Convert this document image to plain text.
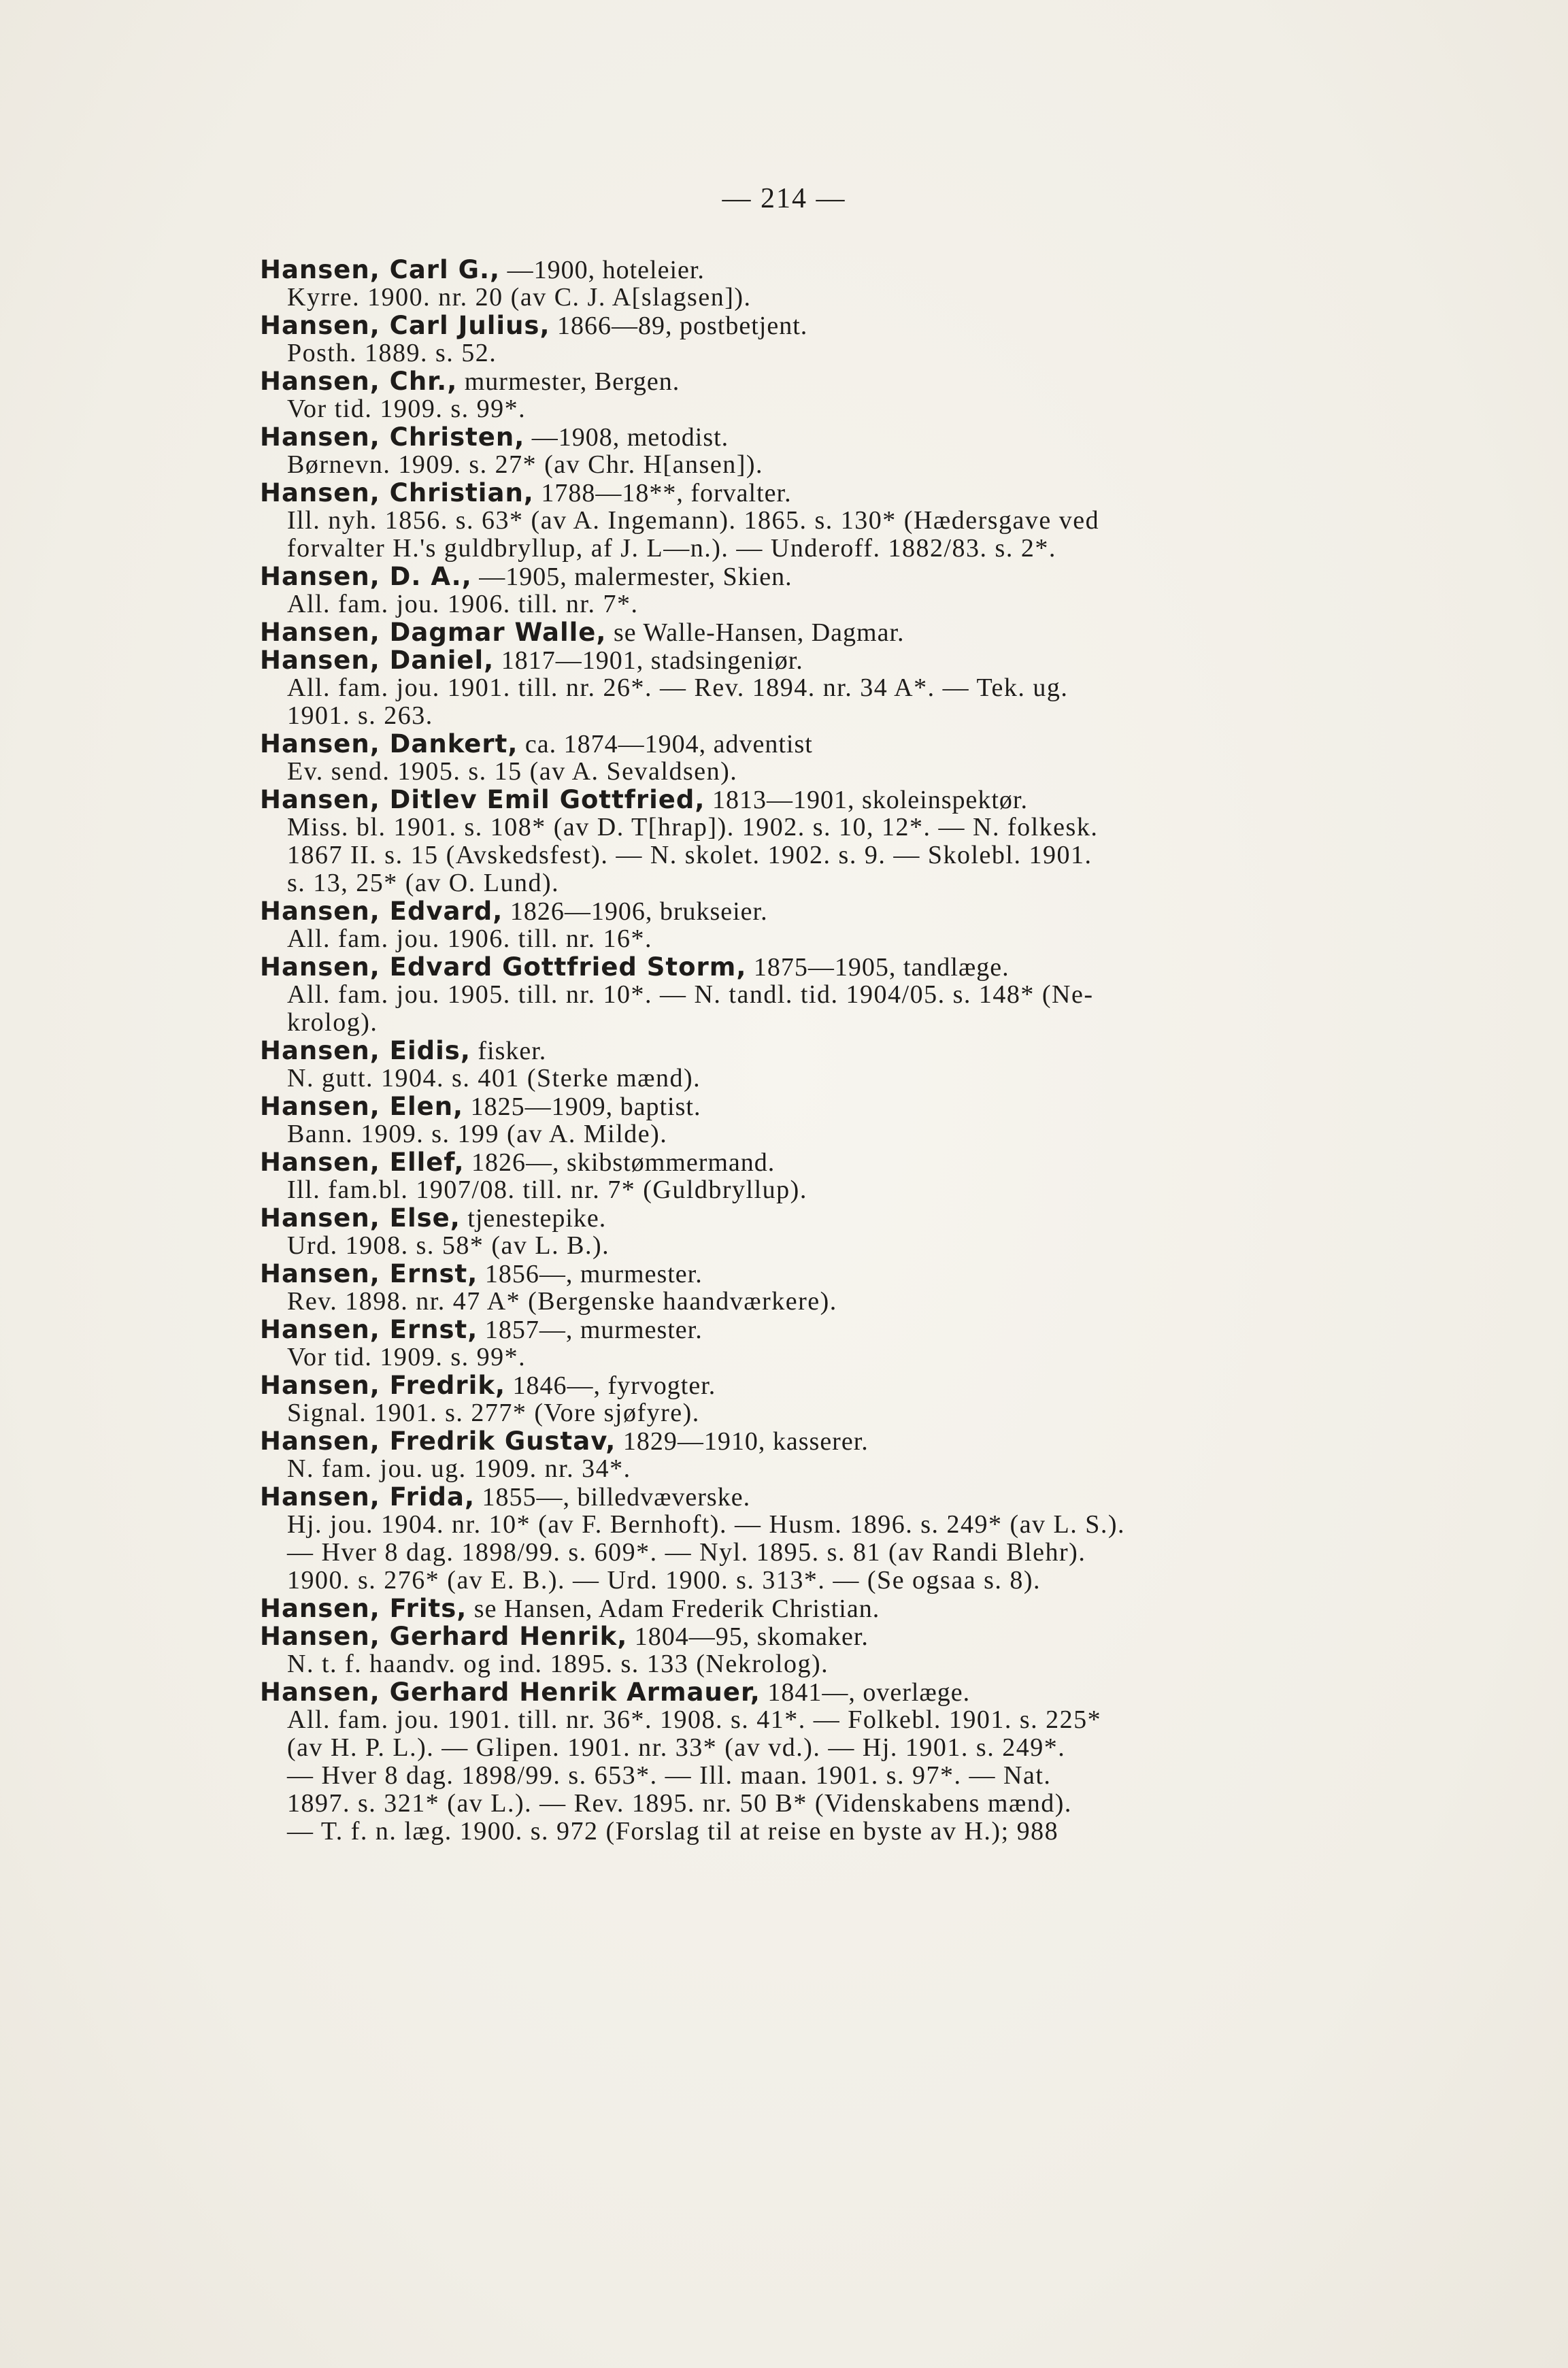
— 214 —
Hansen, Carl G., —1900, hoteleier.
Kyrre. 1900. nr. 20 (av C. J. A[slagsen]).
Hansen, Carl Julius, 1866—89, postbetjent.
Posth. 1889. s. 52.
Hansen, Chr., murmester, Bergen.
Vor tid. 1909. s. 99*.
Hansen, Christen, —1908, metodist.
Børnevn. 1909. s. 27* (av Chr. H[ansen]).
Hansen, Christian, 1788—18**, forvalter.
Ill. nyh. 1856. s. 63* (av A. Ingemann). 1865. s. 130* (Hædersgave ved
forvalter H.'s guldbryllup, af J. L—n.). — Underoff. 1882/83. s. 2*.
Hansen, D. A., —1905, malermester, Skien.
All. fam. jou. 1906. till. nr. 7*.
Hansen, Dagmar Walle, se Walle-Hansen, Dagmar.
Hansen, Daniel, 1817—1901, stadsingeniør.
All. fam. jou. 1901. till. nr. 26*. — Rev. 1894. nr. 34 A*. — Tek. ug.
1901. s. 263.
Hansen, Dankert, ca. 1874—1904, adventist
Ev. send. 1905. s. 15 (av A. Sevaldsen).
Hansen, Ditlev Emil Gottfried, 1813—1901, skoleinspektør.
Miss. bl. 1901. s. 108* (av D. T[hrap]). 1902. s. 10, 12*. — N. folkesk.
1867 II. s. 15 (Avskedsfest). — N. skolet. 1902. s. 9. — Skolebl. 1901.
s. 13, 25* (av O. Lund).
Hansen, Edvard, 1826—1906, brukseier.
All. fam. jou. 1906. till. nr. 16*.
Hansen, Edvard Gottfried Storm, 1875—1905, tandlæge.
All. fam. jou. 1905. till. nr. 10*. — N. tandl. tid. 1904/05. s. 148* (Ne-
krolog).
Hansen, Eidis, fisker.
N. gutt. 1904. s. 401 (Sterke mænd).
Hansen, Elen, 1825—1909, baptist.
Bann. 1909. s. 199 (av A. Milde).
Hansen, Ellef, 1826—, skibstømmermand.
Ill. fam.bl. 1907/08. till. nr. 7* (Guldbryllup).
Hansen, Else, tjenestepike.
Urd. 1908. s. 58* (av L. B.).
Hansen, Ernst, 1856—, murmester.
Rev. 1898. nr. 47 A* (Bergenske haandværkere).
Hansen, Ernst, 1857—, murmester.
Vor tid. 1909. s. 99*.
Hansen, Fredrik, 1846—, fyrvogter.
Signal. 1901. s. 277* (Vore sjøfyre).
Hansen, Fredrik Gustav, 1829—1910, kasserer.
N. fam. jou. ug. 1909. nr. 34*.
Hansen, Frida, 1855—, billedvæverske.
Hj. jou. 1904. nr. 10* (av F. Bernhoft). — Husm. 1896. s. 249* (av L. S.).
— Hver 8 dag. 1898/99. s. 609*. — Nyl. 1895. s. 81 (av Randi Blehr).
1900. s. 276* (av E. B.). — Urd. 1900. s. 313*. — (Se ogsaa s. 8).
Hansen, Frits, se Hansen, Adam Frederik Christian.
Hansen, Gerhard Henrik, 1804—95, skomaker.
N. t. f. haandv. og ind. 1895. s. 133 (Nekrolog).
Hansen, Gerhard Henrik Armauer, 1841—, overlæge.
All. fam. jou. 1901. till. nr. 36*. 1908. s. 41*. — Folkebl. 1901. s. 225*
(av H. P. L.). — Glipen. 1901. nr. 33* (av vd.). — Hj. 1901. s. 249*.
— Hver 8 dag. 1898/99. s. 653*. — Ill. maan. 1901. s. 97*. — Nat.
1897. s. 321* (av L.). — Rev. 1895. nr. 50 B* (Videnskabens mænd).
— T. f. n. læg. 1900. s. 972 (Forslag til at reise en byste av H.); 988
